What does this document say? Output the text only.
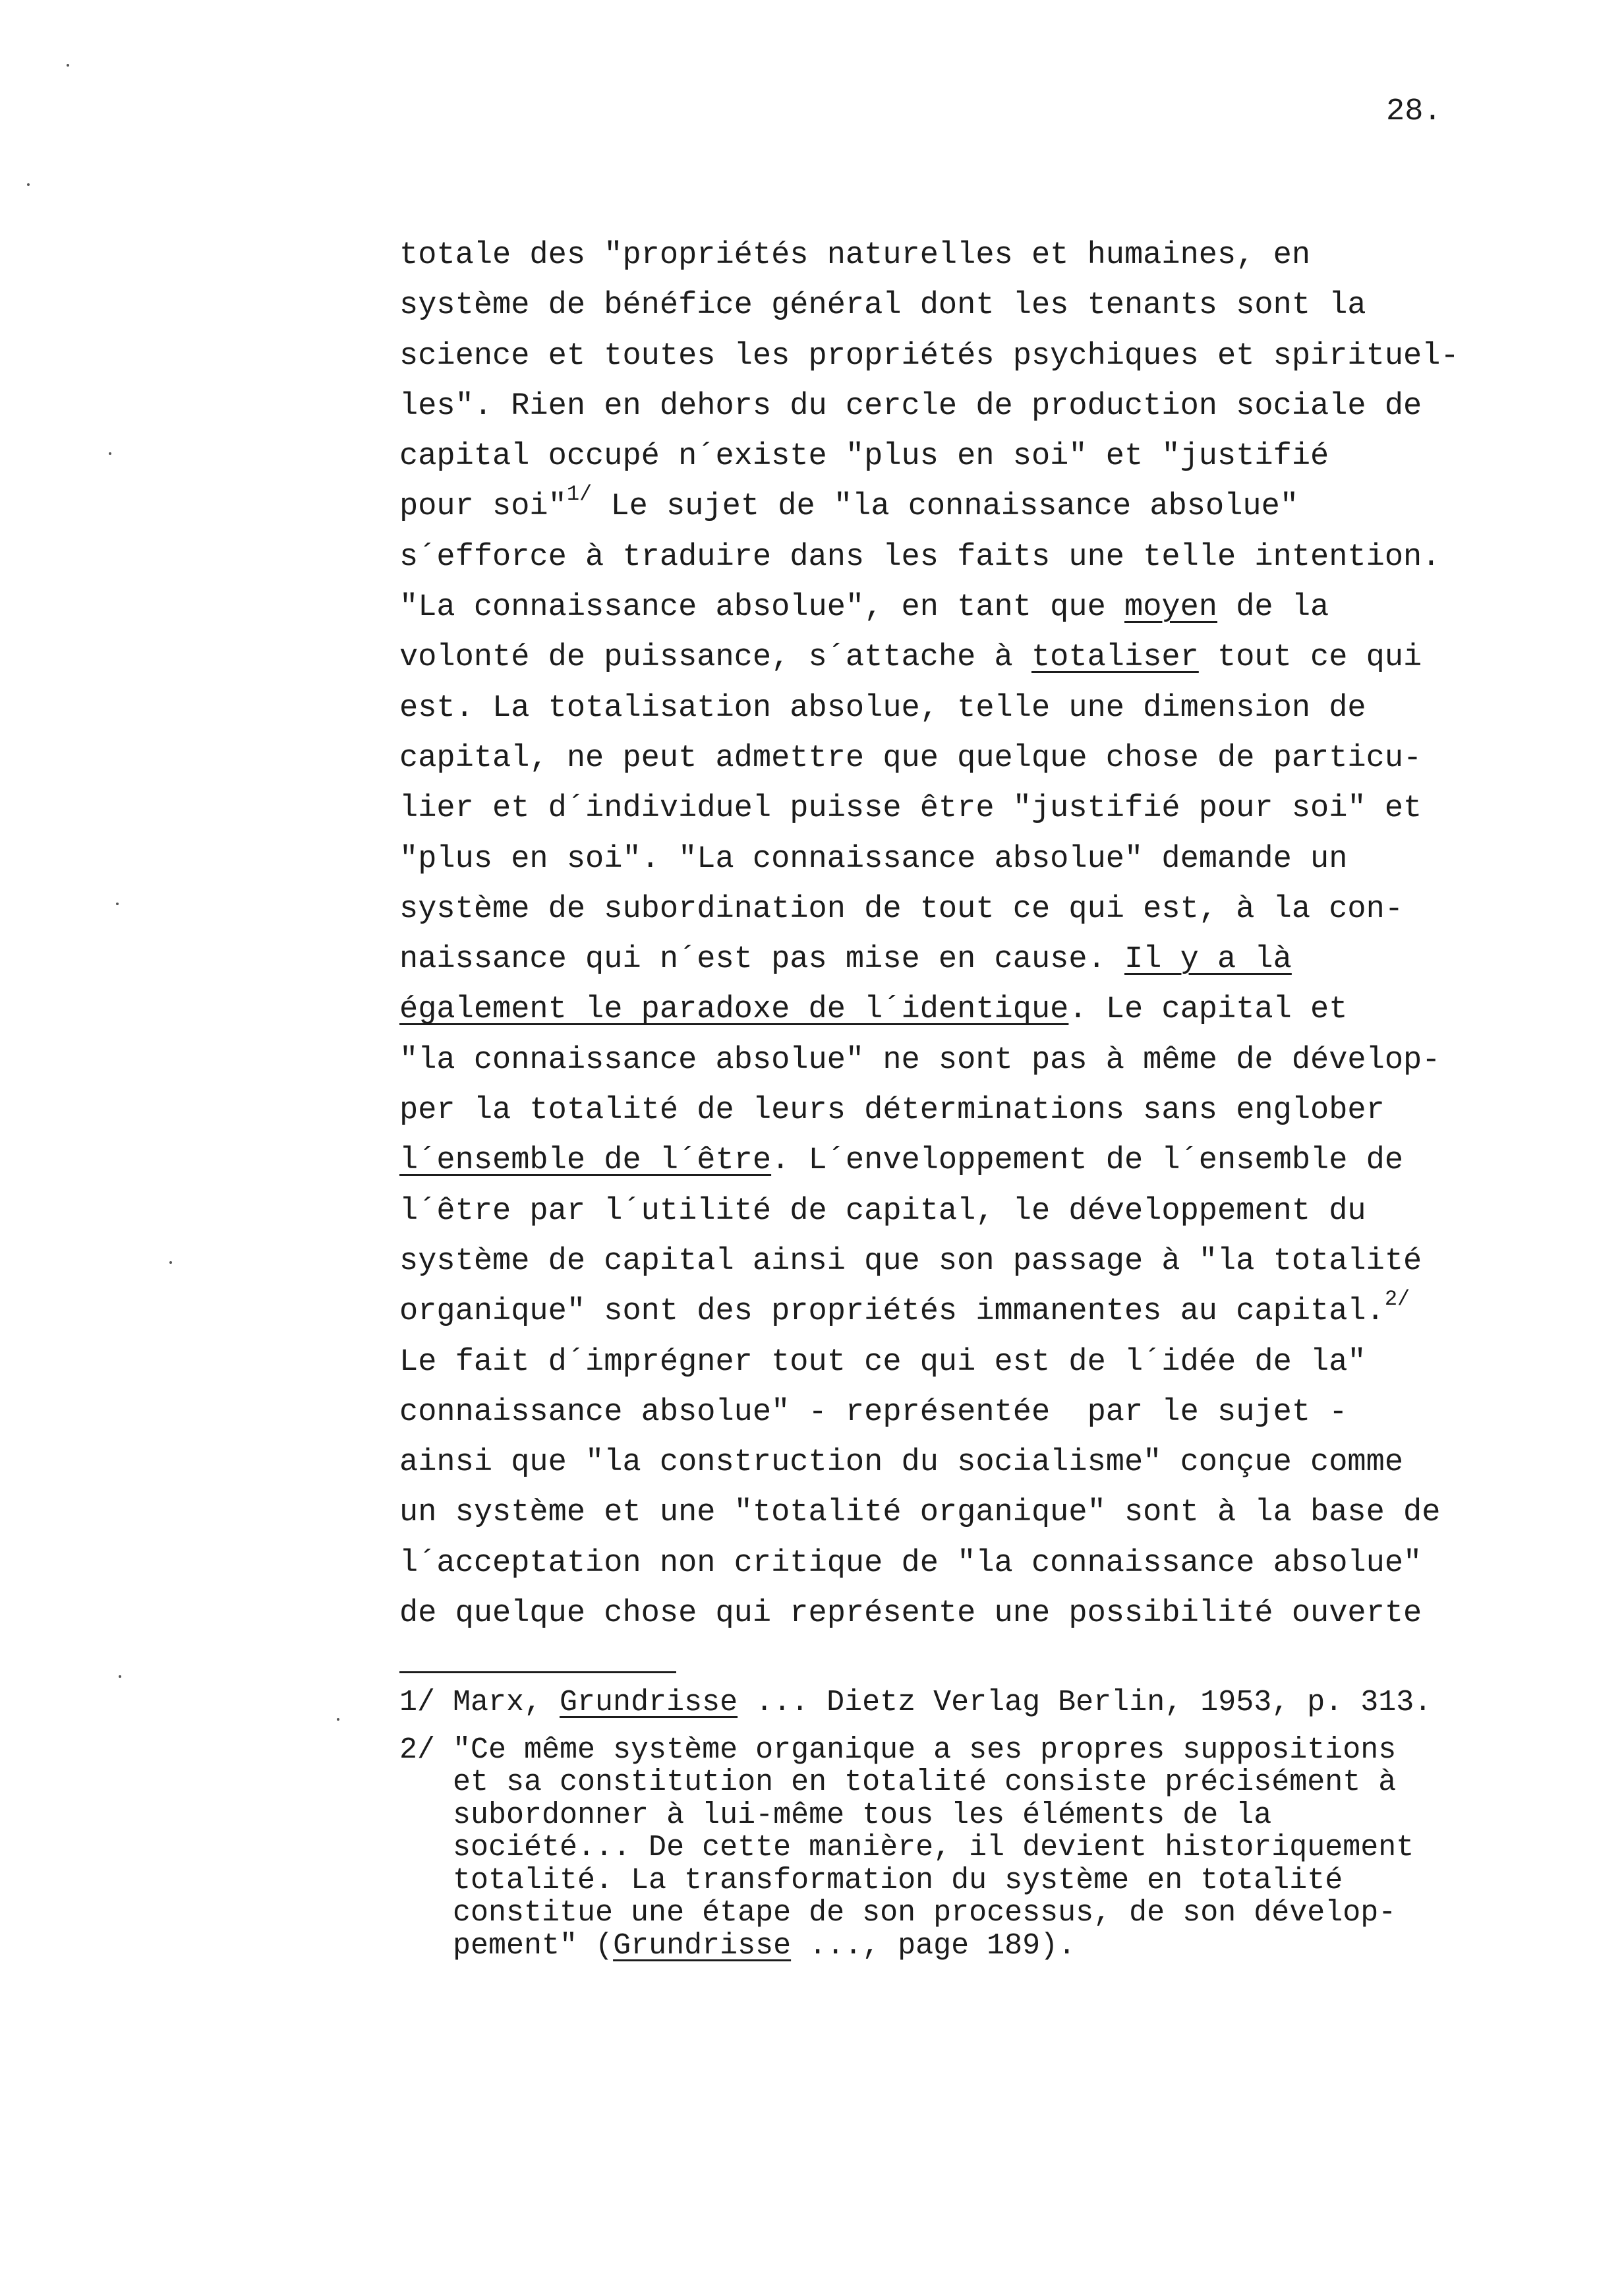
28.
totale des "propriétés naturelles et humaines, en
système de bénéfice général dont les tenants sont la
science et toutes les propriétés psychiques et spirituel-
les". Rien en dehors du cercle de production sociale de
capital occupé n´existe "plus en soi" et "justifié
pour soi"$^{1/}$ Le sujet de "la connaissance absolue"
s´efforce à traduire dans les faits une telle intention.
"La connaissance absolue", en tant que moyen de la
volonté de puissance, s´attache à totaliser tout ce qui
est. La totalisation absolue, telle une dimension de
capital, ne peut admettre que quelque chose de particu-
lier et d´individuel puisse être "justifié pour soi" et
"plus en soi". "La connaissance absolue" demande un
système de subordination de tout ce qui est, à la con-
naissance qui n´est pas mise en cause. Il y a là
également le paradoxe de l´identique. Le capital et
"la connaissance absolue" ne sont pas à même de dévelop-
per la totalité de leurs déterminations sans englober
l´ensemble de l´être. L´enveloppement de l´ensemble de
l´être par l´utilité de capital, le développement du
système de capital ainsi que son passage à "la totalité
organique" sont des propriétés immanentes au capital.$^{2/}$
Le fait d´imprégner tout ce qui est de l´idée de la"
connaissance absolue" - représentée  par le sujet -
ainsi que "la construction du socialisme" conçue comme
un système et une "totalité organique" sont à la base de
l´acceptation non critique de "la connaissance absolue"
de quelque chose qui représente une possibilité ouverte
1/ Marx, Grundrisse ... Dietz Verlag Berlin, 1953, p. 313.
2/ "Ce même système organique a ses propres suppositions
et sa constitution en totalité consiste précisément à
subordonner à lui-même tous les éléments de la
société... De cette manière, il devient historiquement
totalité. La transformation du système en totalité
constitue une étape de son processus, de son dévelop-
pement" (Grundrisse ..., page 189).
